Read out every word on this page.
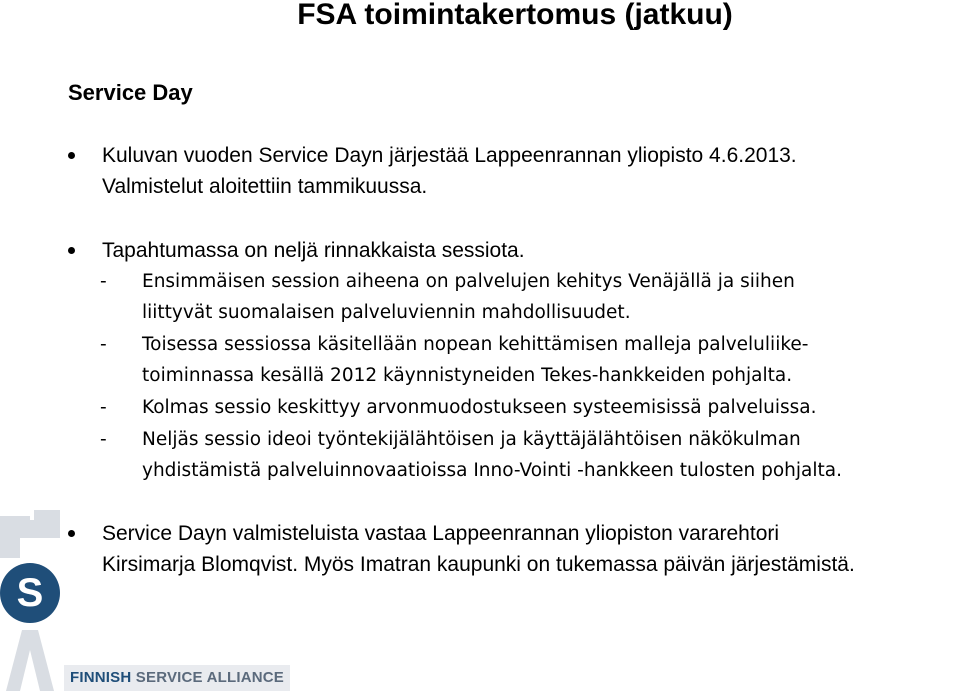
FSA toimintakertomus (jatkuu)
Service Day
Kuluvan vuoden Service Dayn järjestää Lappeenrannan yliopisto 4.6.2013.
Valmistelut aloitettiin tammikuussa.
Tapahtumassa on neljä rinnakkaista sessiota.
- Ensimmäisen session aiheena on palvelujen kehitys Venäjällä ja siihen
liittyvät suomalaisen palveluviennin mahdollisuudet.
- Toisessa sessiossa käsitellään nopean kehittämisen malleja palveluliike-
toiminnassa kesällä 2012 käynnistyneiden Tekes-hankkeiden pohjalta.
- Kolmas sessio keskittyy arvonmuodostukseen systeemisissä palveluissa.
- Neljäs sessio ideoi työntekijälähtöisen ja käyttäjälähtöisen näkökulman
yhdistämistä palveluinnovaatioissa Inno-Vointi -hankkeen tulosten pohjalta.
Service Dayn valmisteluista vastaa Lappeenrannan yliopiston vararehtori
Kirsimarja Blomqvist. Myös Imatran kaupunki on tukemassa päivän järjestämistä.
S
FINNISH SERVICE ALLIANCE
